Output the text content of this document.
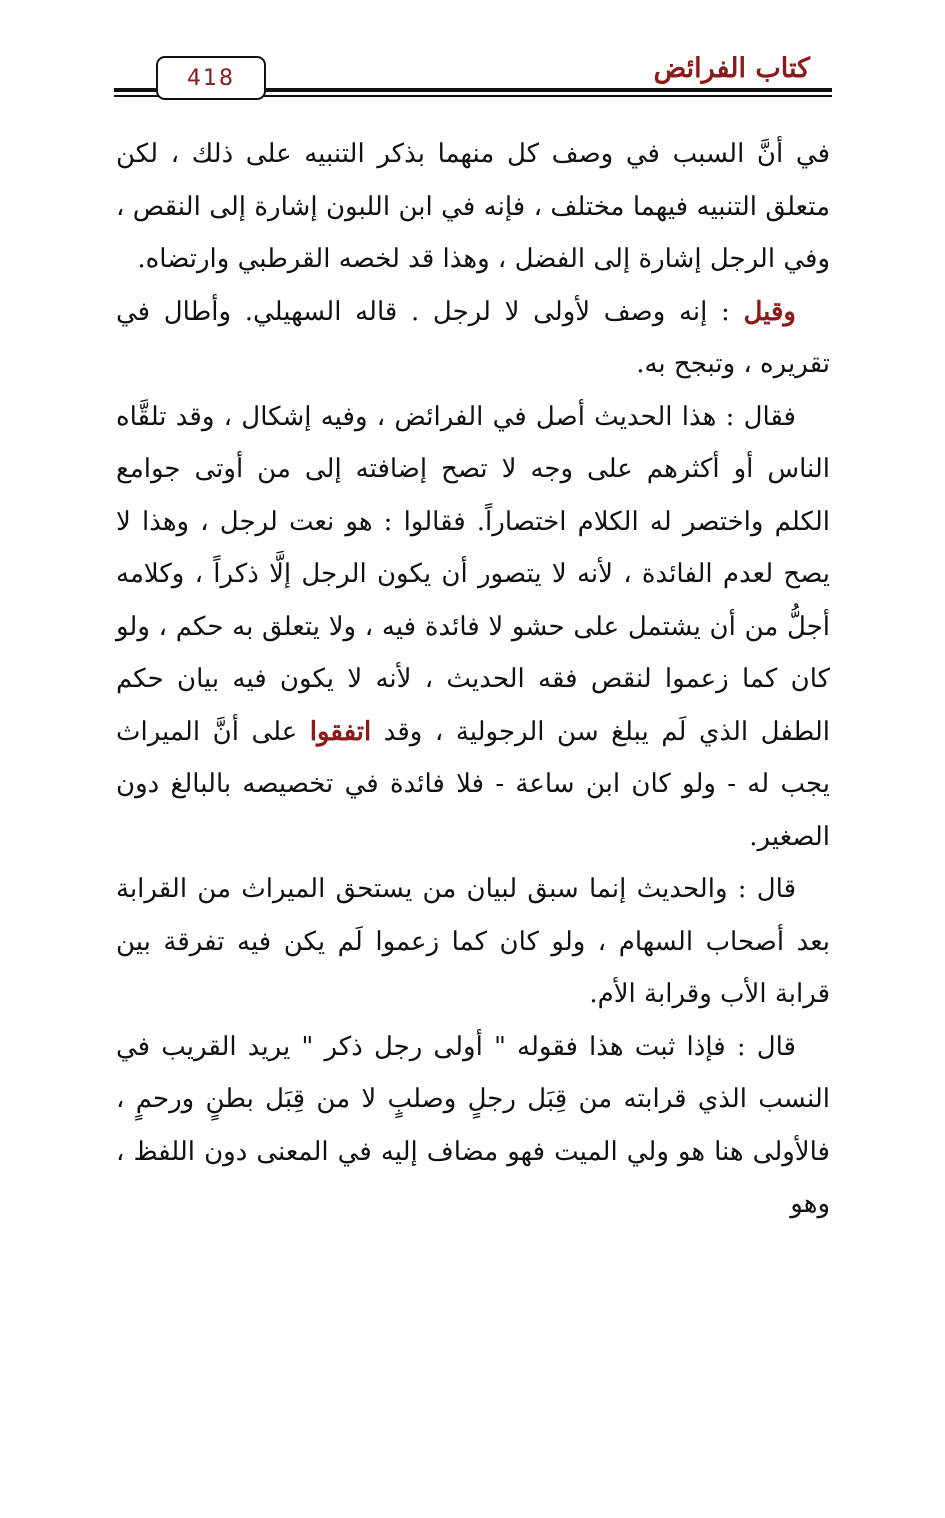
كتاب الفرائض
418

في أنَّ السبب في وصف كل منهما بذكر التنبيه على ذلك ، لكن متعلق التنبيه فيهما مختلف ، فإنه في ابن اللبون إشارة إلى النقص ، وفي الرجل إشارة إلى الفضل ، وهذا قد لخصه القرطبي وارتضاه.

وقيل : إنه وصف لأولى لا لرجل . قاله السهيلي. وأطال في تقريره ، وتبجح به.

فقال : هذا الحديث أصل في الفرائض ، وفيه إشكال ، وقد تلقَّاه الناس أو أكثرهم على وجه لا تصح إضافته إلى من أوتى جوامع الكلم واختصر له الكلام اختصاراً. فقالوا : هو نعت لرجل ، وهذا لا يصح لعدم الفائدة ، لأنه لا يتصور أن يكون الرجل إلَّا ذكراً ، وكلامه أجلُّ من أن يشتمل على حشو لا فائدة فيه ، ولا يتعلق به حكم ، ولو كان كما زعموا لنقص فقه الحديث ، لأنه لا يكون فيه بيان حكم الطفل الذي لَم يبلغ سن الرجولية ، وقد اتفقوا على أنَّ الميراث يجب له - ولو كان ابن ساعة - فلا فائدة في تخصيصه بالبالغ دون الصغير.

قال : والحديث إنما سبق لبيان من يستحق الميراث من القرابة بعد أصحاب السهام ، ولو كان كما زعموا لَم يكن فيه تفرقة بين قرابة الأب وقرابة الأم.

قال : فإذا ثبت هذا فقوله " أولى رجل ذكر " يريد القريب في النسب الذي قرابته من قِبَل رجلٍ وصلبٍ لا من قِبَل بطنٍ ورحمٍ ، فالأولى هنا هو ولي الميت فهو مضاف إليه في المعنى دون اللفظ ، وهو
